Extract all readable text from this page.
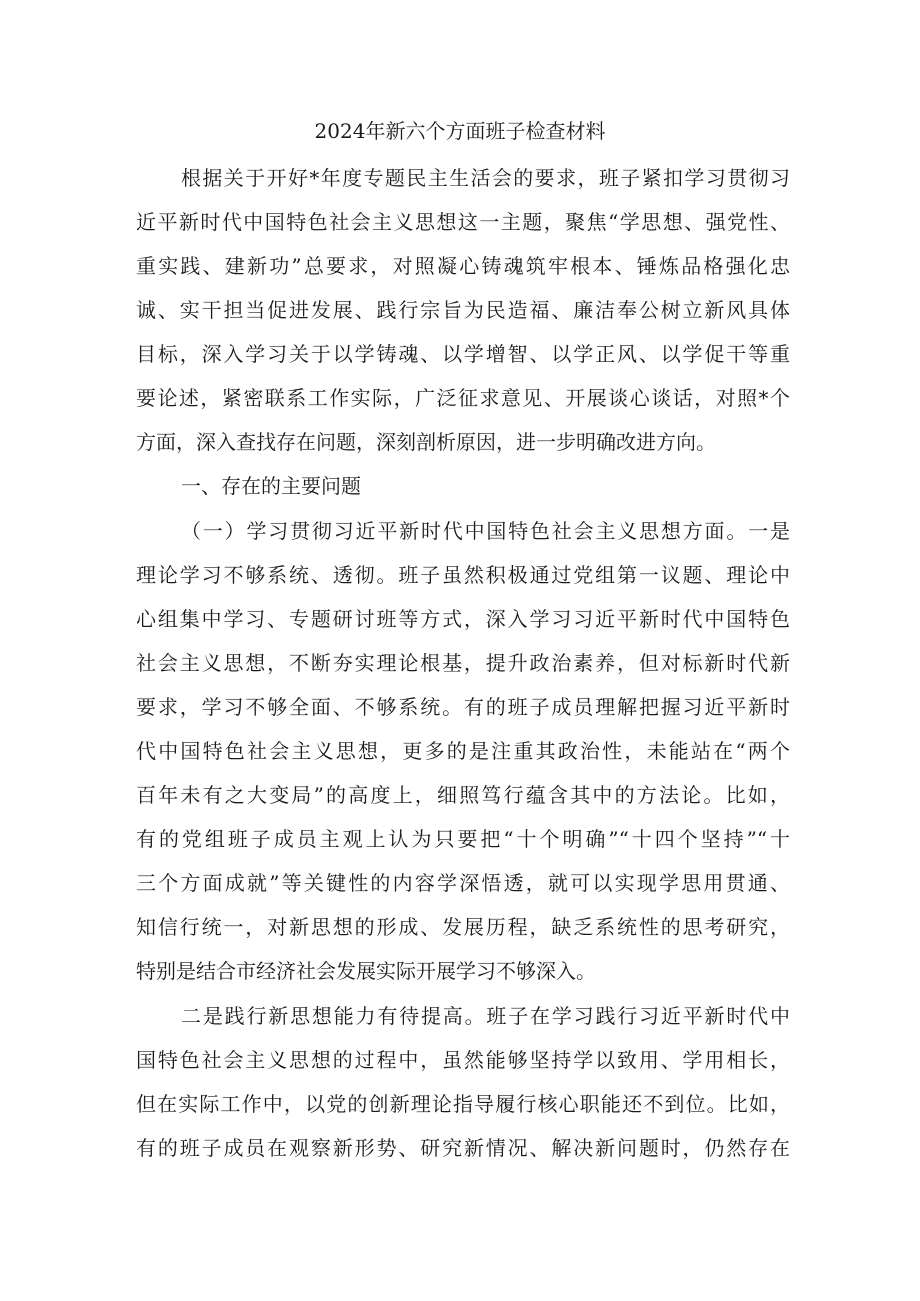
2024年新六个方面班子检查材料
根据关于开好*年度专题民主生活会的要求，班子紧扣学习贯彻习
近平新时代中国特色社会主义思想这一主题，聚焦“学思想、强党性、
重实践、建新功”总要求，对照凝心铸魂筑牢根本、锤炼品格强化忠
诚、实干担当促进发展、践行宗旨为民造福、廉洁奉公树立新风具体
目标，深入学习关于以学铸魂、以学增智、以学正风、以学促干等重
要论述，紧密联系工作实际，广泛征求意见、开展谈心谈话，对照*个
方面，深入查找存在问题，深刻剖析原因，进一步明确改进方向。
一、存在的主要问题
（一）学习贯彻习近平新时代中国特色社会主义思想方面。一是
理论学习不够系统、透彻。班子虽然积极通过党组第一议题、理论中
心组集中学习、专题研讨班等方式，深入学习习近平新时代中国特色
社会主义思想，不断夯实理论根基，提升政治素养，但对标新时代新
要求，学习不够全面、不够系统。有的班子成员理解把握习近平新时
代中国特色社会主义思想，更多的是注重其政治性，未能站在“两个
百年未有之大变局”的高度上，细照笃行蕴含其中的方法论。比如，
有的党组班子成员主观上认为只要把“十个明确”“十四个坚持”“十
三个方面成就”等关键性的内容学深悟透，就可以实现学思用贯通、
知信行统一，对新思想的形成、发展历程，缺乏系统性的思考研究，
特别是结合市经济社会发展实际开展学习不够深入。
二是践行新思想能力有待提高。班子在学习践行习近平新时代中
国特色社会主义思想的过程中，虽然能够坚持学以致用、学用相长，
但在实际工作中，以党的创新理论指导履行核心职能还不到位。比如，
有的班子成员在观察新形势、研究新情况、解决新问题时，仍然存在
